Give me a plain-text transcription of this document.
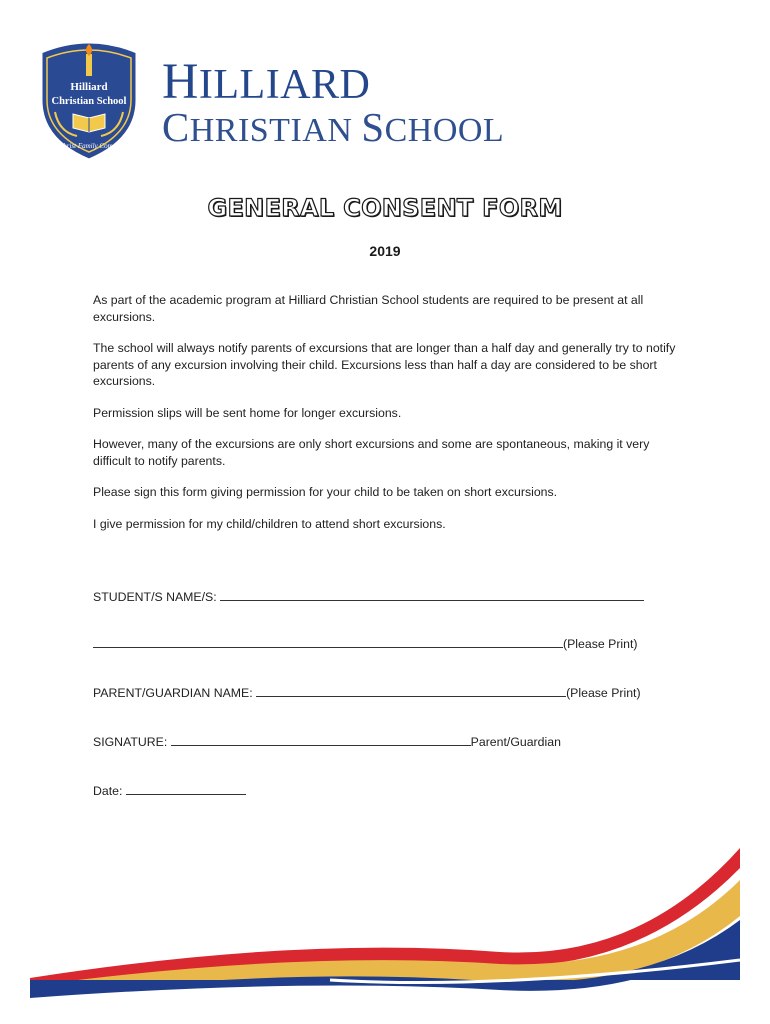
Hilliard
Christian School
For Christ Family Community
HILLIARD
CHRISTIAN SCHOOL
GENERAL CONSENT FORM
2019

As part of the academic program at Hilliard Christian School students are required to be present at all excursions.

The school will always notify parents of excursions that are longer than a half day and generally try to notify parents of any excursion involving their child. Excursions less than half a day are considered to be short excursions.

Permission slips will be sent home for longer excursions.

However, many of the excursions are only short excursions and some are spontaneous, making it very difficult to notify parents.

Please sign this form giving permission for your child to be taken on short excursions.

I give permission for my child/children to attend short excursions.

STUDENT/S NAME/S:
(Please Print)
PARENT/GUARDIAN NAME:	(Please Print)
SIGNATURE:	Parent/Guardian
Date:
